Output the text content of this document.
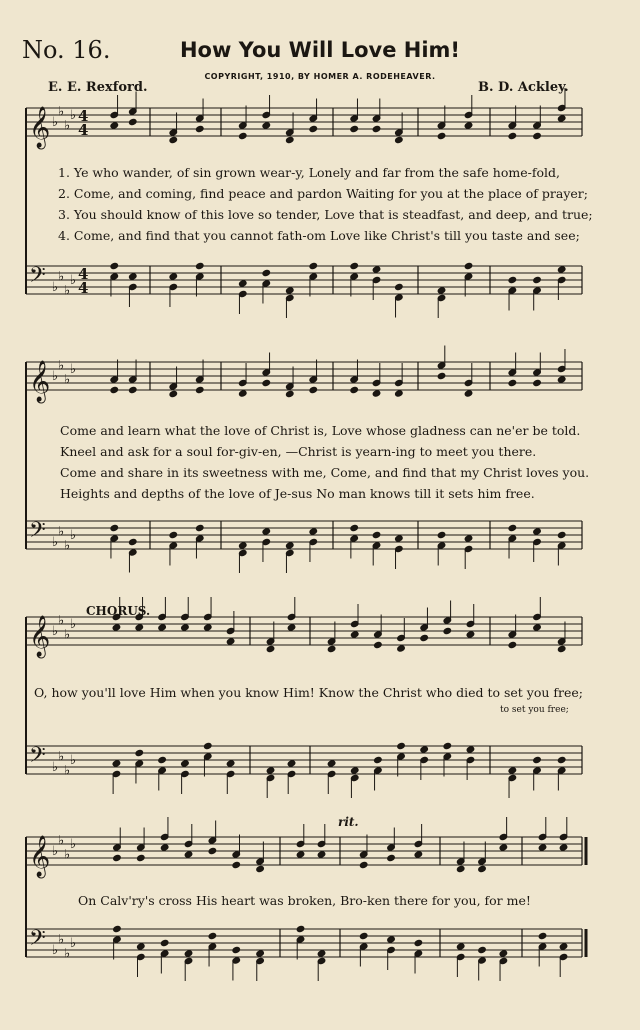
No. 16.	How You Will Love Him!
COPYRIGHT, 1910, BY HOMER A. RODEHEAVER.
E. E. Rexford.	B. D. Ackley.
𝄞 ♭
♭
♭
♭ 4
4
𝄢 ♭
♭
♭
♭ 4
4
𝄞 ♭
♭
♭
♭
𝄢 ♭
♭
♭
♭
𝄞 ♭
♭
♭
♭
𝄢 ♭
♭
♭
♭
𝄞 ♭
♭
♭
♭
𝄢 ♭
♭
♭
♭
1. Ye who wander, of sin grown wear-y, Lonely and far from the safe home-fold,
2. Come, and coming, find peace and pardon Waiting for you at the place of prayer;
3. You should know of this love so tender, Love that is steadfast, and deep, and true;
4. Come, and find that you cannot fath-om Love like Christ's till you taste and see;
Come and learn what the love of Christ is, Love whose gladness can ne'er be told.
Kneel and ask for a soul for-giv-en, —Christ is yearn-ing to meet you there.
Come and share in its sweetness with me, Come, and find that my Christ loves you.
Heights and depths of the love of Je-sus No man knows till it sets him free.
CHORUS.
O, how you'll love Him when you know Him! Know the Christ who died to set you free;
to set you free;
rit.
On Calv'ry's cross His heart was broken, Bro-ken there for you, for me!
